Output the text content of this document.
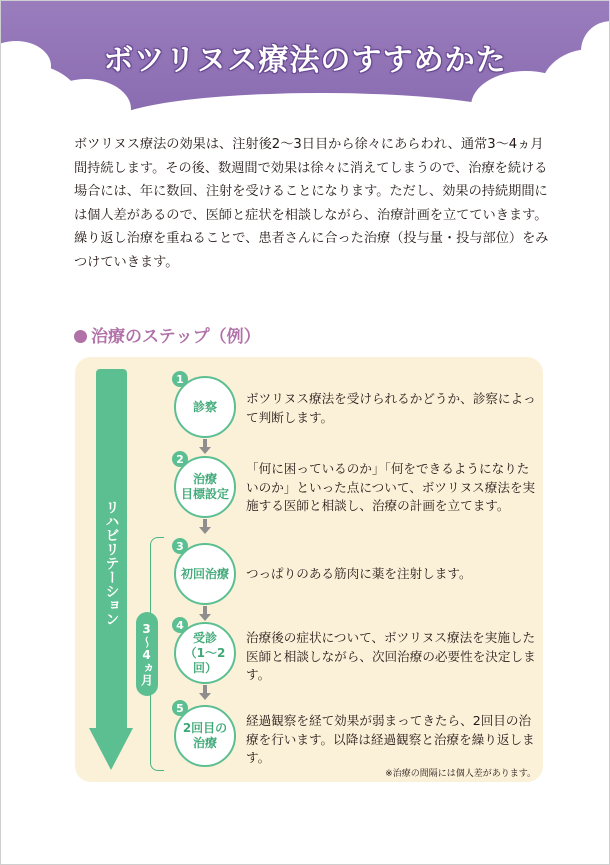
ボツリヌス療法のすすめかた

ボツリヌス療法の効果は、注射後2〜3日目から徐々にあらわれ、通常3〜4ヵ月間持続します。その後、数週間で効果は徐々に消えてしまうので、治療を続ける場合には、年に数回、注射を受けることになります。ただし、効果の持続期間には個人差があるので、医師と症状を相談しながら、治療計画を立てていきます。

繰り返し治療を重ねることで、患者さんに合った治療（投与量・投与部位）をみつけていきます。

治療のステップ（例）
リハビリテーション
3〜4ヵ月
診察
1
ボツリヌス療法を受けられるかどうか、診察によって判断します。
治療
目標設定
2
「何に困っているのか」「何をできるようになりたいのか」といった点について、ボツリヌス療法を実施する医師と相談し、治療の計画を立てます。
初回治療
3
つっぱりのある筋肉に薬を注射します。
受診
（1〜2回）
4
治療後の症状について、ボツリヌス療法を実施した医師と相談しながら、次回治療の必要性を決定します。
2回目の
治療
5
経過観察を経て効果が弱まってきたら、2回目の治療を行います。以降は経過観察と治療を繰り返します。
※治療の間隔には個人差があります。
